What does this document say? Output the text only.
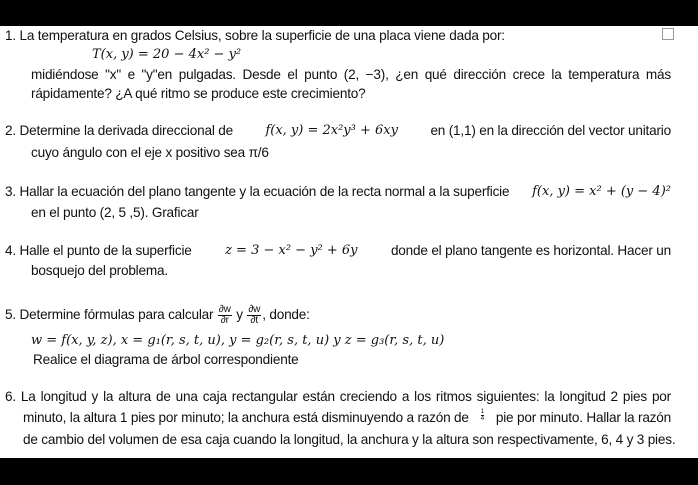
1. La temperatura en grados Celsius, sobre la superficie de una placa viene dada por:
T(x, y) = 20 − 4x² − y²
midiéndose "x" e "y"en pulgadas. Desde el punto (2, −3), ¿en qué dirección crece la temperatura más
rápidamente? ¿A qué ritmo se produce este crecimiento?
2. Determine la derivada direccional de f(x, y) = 2x²y³ + 6xy en (1,1) en la dirección del vector unitario
cuyo ángulo con el eje x positivo sea π/6
3. Hallar la ecuación del plano tangente y la ecuación de la recta normal a la superficie f(x, y) = x² + (y − 4)²
en el punto (2, 5 ,5). Graficar
4. Halle el punto de la superficie	z = 3 − x² − y² + 6y donde el plano tangente es horizontal. Hacer un
bosquejo del problema.
5. Determine fórmulas para calcular $\frac{\partial w}{\partial r}$ y $\frac{\partial w}{\partial t}$ , donde:
w = f(x, y, z), x = g₁(r, s, t, u), y = g₂(r, s, t, u) y z = g₃(r, s, t, u)
Realice el diagrama de árbol correspondiente
6. La longitud y la altura de una caja rectangular están creciendo a los ritmos siguientes: la longitud 2 pies por
minuto, la altura 1 pies por minuto; la anchura está disminuyendo a razón de $\frac{1}{4}$ pie por minuto. Hallar la razón
de cambio del volumen de esa caja cuando la longitud, la anchura y la altura son respectivamente, 6, 4 y 3 pies.
